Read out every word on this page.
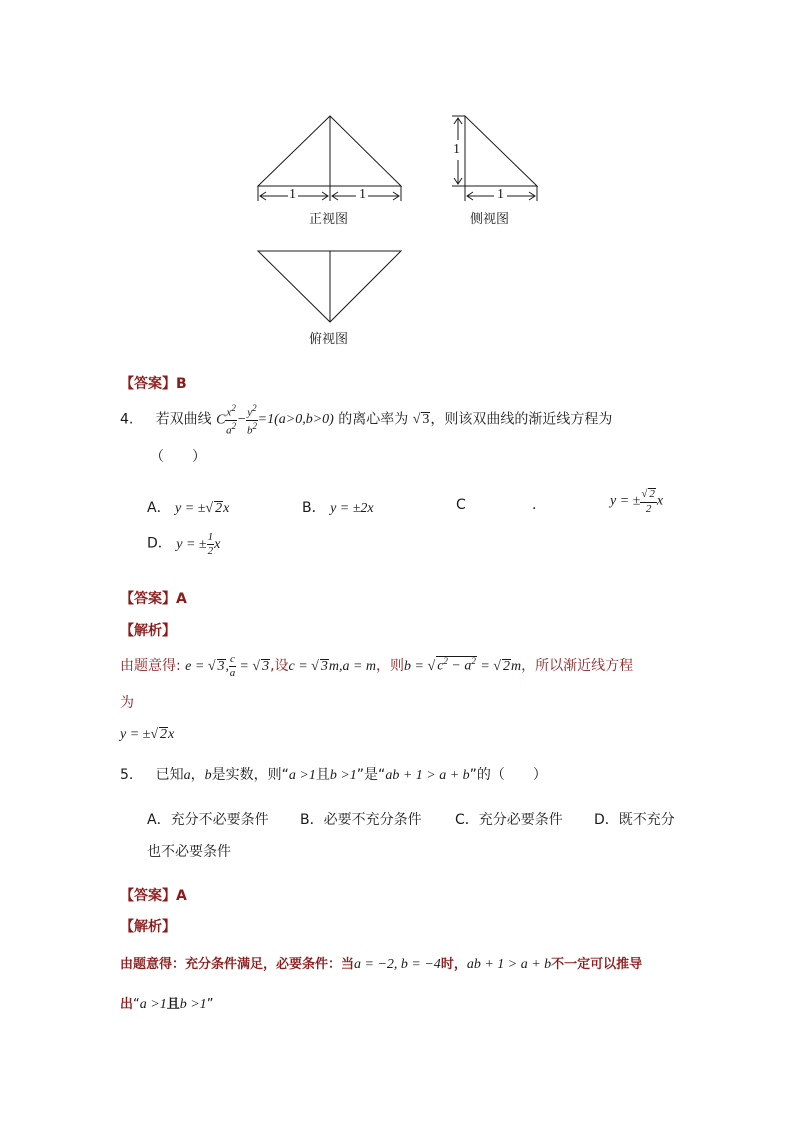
1	1
1
1
正视图	侧视图
俯视图
【答案】B
4. 若双曲线 C $\frac{x^2}{a^2} - \frac{y^2}{b^2} =1(a>0,b>0)$ 的离心率为 √ 3，则该双曲线的渐近线方程为
（　　）
A． y = ±√ 2x	B． y = ±2x	C	.	y = ± $\frac{√ 2}{2}$ x
D． y = ± $\frac{1}{2}$ x
【答案】A
【解析】
由题意得: e = √ 3, $\frac{c}{a}$ = √ 3,设c = √ 3m,a = m，则b = √ $c^2 - a^2$ = √ 2m，所以渐近线方程
为
y = ±√ 2x
5. 已知a，b是实数，则“a >1且b >1”是“ab + 1 > a + b”的（　　）
A．充分不必要条件 B．必要不充分条件 C．充分必要条件 D．既不充分
也不必要条件
【答案】A
【解析】
由题意得：充分条件满足，必要条件：当a = −2, b = −4时，ab + 1 > a + b不一定可以推导
出“a >1且b >1”
